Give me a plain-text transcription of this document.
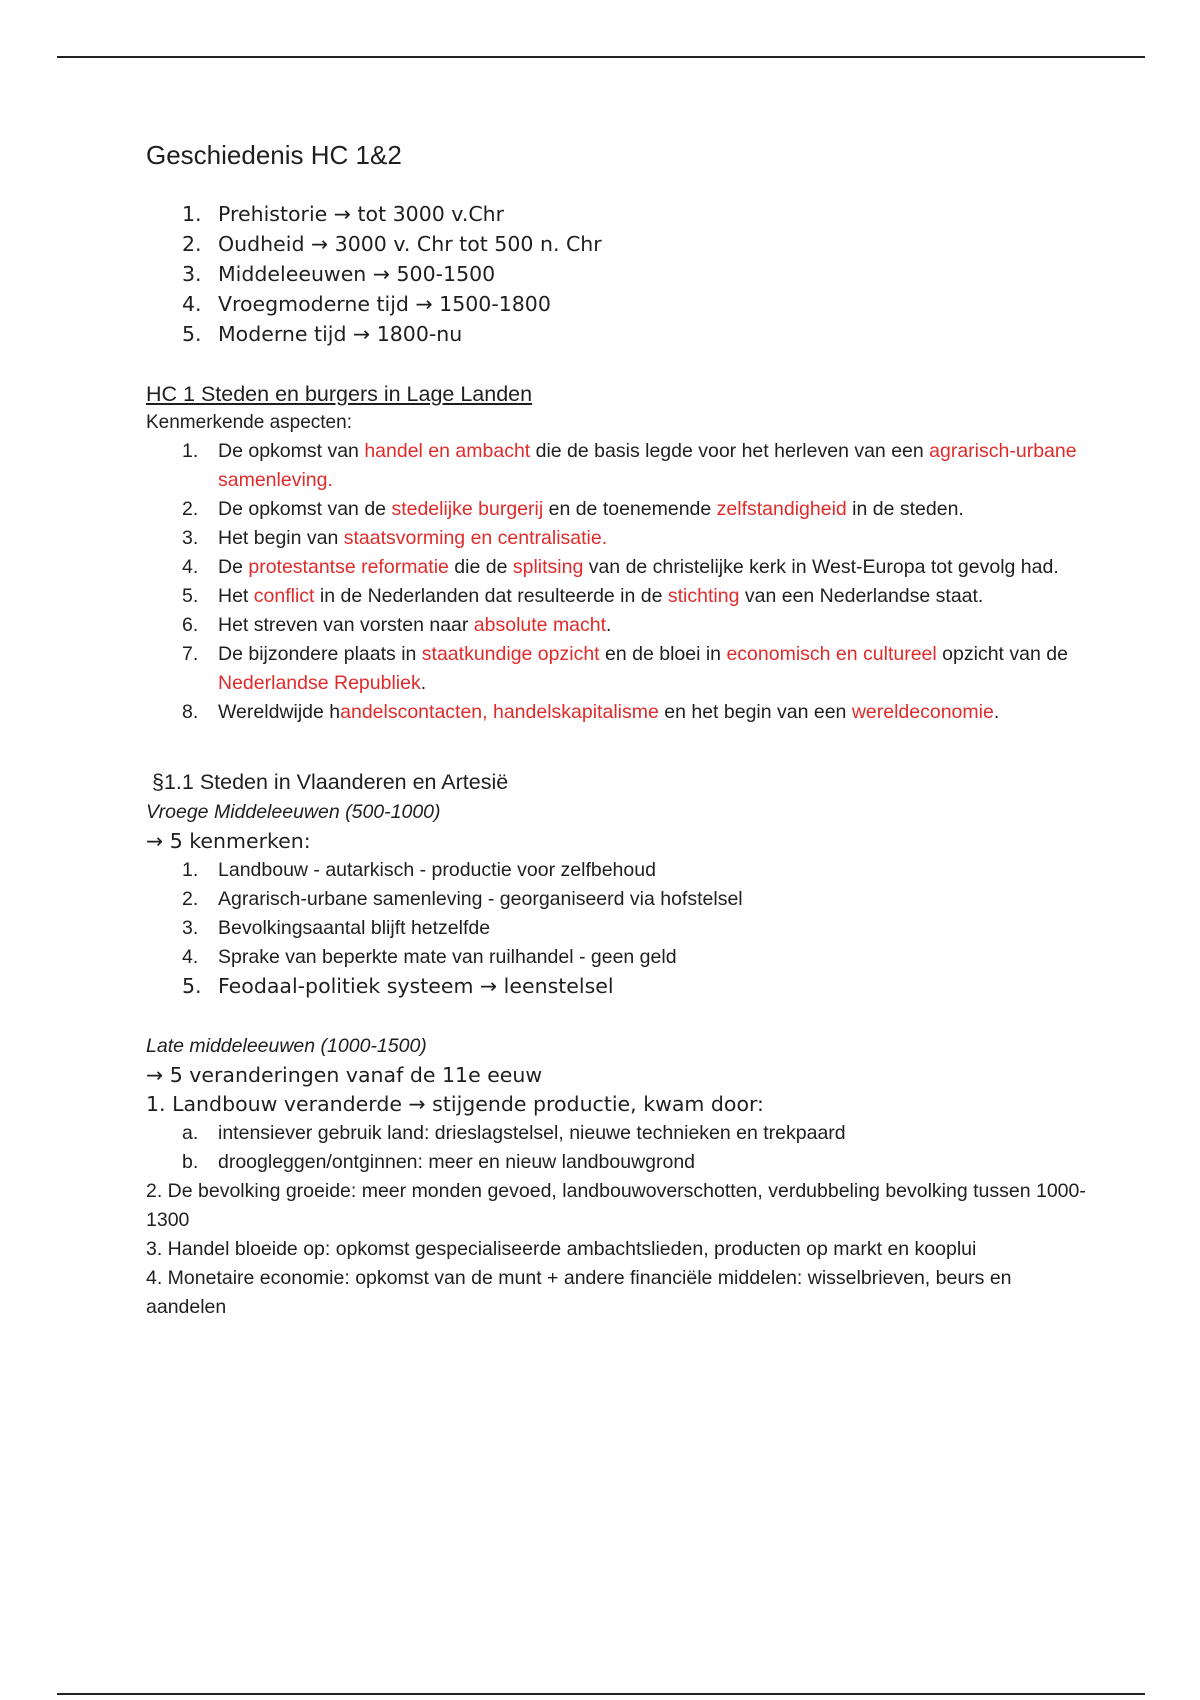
Geschiedenis HC 1&2
1. Prehistorie → tot 3000 v.Chr
2. Oudheid → 3000 v. Chr tot 500 n. Chr
3. Middeleeuwen → 500-1500
4. Vroegmoderne tijd → 1500-1800
5. Moderne tijd → 1800-nu
HC 1 Steden en burgers in Lage Landen
Kenmerkende aspecten:
1. De opkomst van handel en ambacht die de basis legde voor het herleven van een agrarisch-urbane samenleving.
2. De opkomst van de stedelijke burgerij en de toenemende zelfstandigheid in de steden.
3. Het begin van staatsvorming en centralisatie.
4. De protestantse reformatie die de splitsing van de christelijke kerk in West-Europa tot gevolg had.
5. Het conflict in de Nederlanden dat resulteerde in de stichting van een Nederlandse staat.
6. Het streven van vorsten naar absolute macht.
7. De bijzondere plaats in staatkundige opzicht en de bloei in economisch en cultureel opzicht van de Nederlandse Republiek.
8. Wereldwijde handelscontacten, handelskapitalisme en het begin van een wereldeconomie.
§1.1 Steden in Vlaanderen en Artesië
Vroege Middeleeuwen (500-1000)
→ 5 kenmerken:
1. Landbouw - autarkisch - productie voor zelfbehoud
2. Agrarisch-urbane samenleving - georganiseerd via hofstelsel
3. Bevolkingsaantal blijft hetzelfde
4. Sprake van beperkte mate van ruilhandel - geen geld
5. Feodaal-politiek systeem → leenstelsel
Late middeleeuwen (1000-1500)
→ 5 veranderingen vanaf de 11e eeuw
1. Landbouw veranderde → stijgende productie, kwam door:
a. intensiever gebruik land: drieslagstelsel, nieuwe technieken en trekpaard
b. droogleggen/ontginnen: meer en nieuw landbouwgrond
2. De bevolking groeide: meer monden gevoed, landbouwoverschotten, verdubbeling bevolking tussen 1000-1300
3. Handel bloeide op: opkomst gespecialiseerde ambachtslieden, producten op markt en kooplui
4. Monetaire economie: opkomst van de munt + andere financiële middelen: wisselbrieven, beurs en aandelen
